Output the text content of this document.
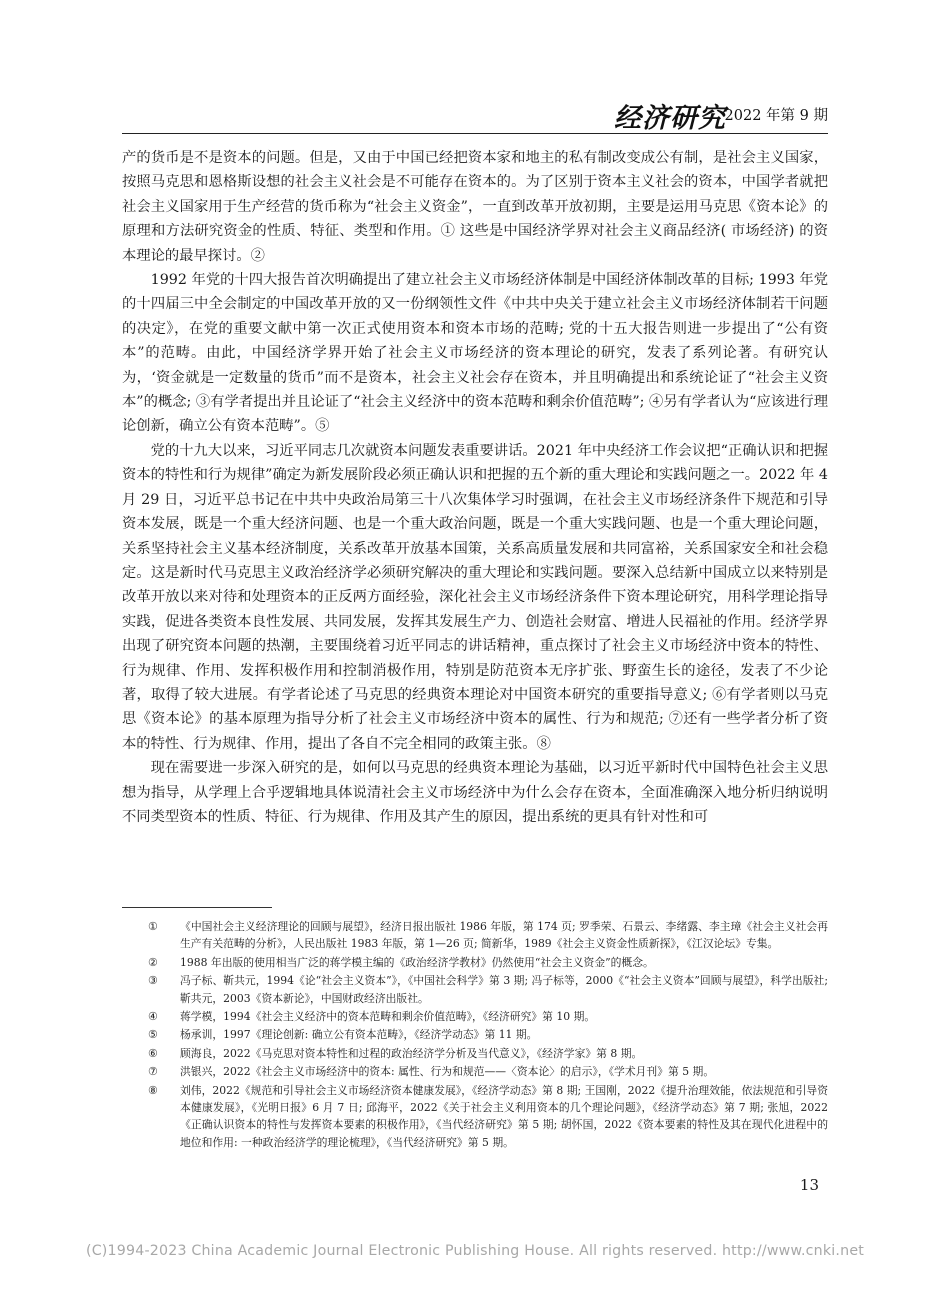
经济研究
2022 年第 9 期

产的货币是不是资本的问题。但是，又由于中国已经把资本家和地主的私有制改变成公有制，是社会主义国家，按照马克思和恩格斯设想的社会主义社会是不可能存在资本的。为了区别于资本主义社会的资本，中国学者就把社会主义国家用于生产经营的货币称为“社会主义资金”，一直到改革开放初期，主要是运用马克思《资本论》的原理和方法研究资金的性质、特征、类型和作用。① 这些是中国经济学界对社会主义商品经济( 市场经济) 的资本理论的最早探讨。②

1992 年党的十四大报告首次明确提出了建立社会主义市场经济体制是中国经济体制改革的目标; 1993 年党的十四届三中全会制定的中国改革开放的又一份纲领性文件《中共中央关于建立社会主义市场经济体制若干问题的决定》，在党的重要文献中第一次正式使用资本和资本市场的范畴; 党的十五大报告则进一步提出了“公有资本”的范畴。由此，中国经济学界开始了社会主义市场经济的资本理论的研究，发表了系列论著。有研究认为，‘资金就是一定数量的货币”而不是资本，社会主义社会存在资本，并且明确提出和系统论证了“社会主义资本”的概念; ③有学者提出并且论证了“社会主义经济中的资本范畴和剩余价值范畴”; ④另有学者认为“应该进行理论创新，确立公有资本范畴”。⑤

党的十九大以来，习近平同志几次就资本问题发表重要讲话。2021 年中央经济工作会议把“正确认识和把握资本的特性和行为规律”确定为新发展阶段必须正确认识和把握的五个新的重大理论和实践问题之一。2022 年 4 月 29 日，习近平总书记在中共中央政治局第三十八次集体学习时强调，在社会主义市场经济条件下规范和引导资本发展，既是一个重大经济问题、也是一个重大政治问题，既是一个重大实践问题、也是一个重大理论问题，关系坚持社会主义基本经济制度，关系改革开放基本国策，关系高质量发展和共同富裕，关系国家安全和社会稳定。这是新时代马克思主义政治经济学必须研究解决的重大理论和实践问题。要深入总结新中国成立以来特别是改革开放以来对待和处理资本的正反两方面经验，深化社会主义市场经济条件下资本理论研究，用科学理论指导实践，促进各类资本良性发展、共同发展，发挥其发展生产力、创造社会财富、增进人民福祉的作用。经济学界出现了研究资本问题的热潮，主要围绕着习近平同志的讲话精神，重点探讨了社会主义市场经济中资本的特性、行为规律、作用、发挥积极作用和控制消极作用，特别是防范资本无序扩张、野蛮生长的途径，发表了不少论著，取得了较大进展。有学者论述了马克思的经典资本理论对中国资本研究的重要指导意义; ⑥有学者则以马克思《资本论》的基本原理为指导分析了社会主义市场经济中资本的属性、行为和规范; ⑦还有一些学者分析了资本的特性、行为规律、作用，提出了各自不完全相同的政策主张。⑧

现在需要进一步深入研究的是，如何以马克思的经典资本理论为基础，以习近平新时代中国特色社会主义思想为指导，从学理上合乎逻辑地具体说清社会主义市场经济中为什么会存在资本，全面准确深入地分析归纳说明不同类型资本的性质、特征、行为规律、作用及其产生的原因，提出系统的更具有针对性和可

① 《中国社会主义经济理论的回顾与展望》，经济日报出版社 1986 年版，第 174 页; 罗季荣、石景云、李绪露、李主璋《社会主义社会再生产有关范畴的分析》，人民出版社 1983 年版，第 1—26 页; 简新华，1989《社会主义资金性质新探》，《江汉论坛》专集。
② 1988 年出版的使用相当广泛的蒋学模主编的《政治经济学教材》仍然使用“社会主义资金”的概念。
③ 冯子标、靳共元，1994《论“社会主义资本”》，《中国社会科学》第 3 期; 冯子标等，2000《“社会主义资本”回顾与展望》，科学出版社; 靳共元，2003《资本新论》，中国财政经济出版社。
④ 蒋学模，1994《社会主义经济中的资本范畴和剩余价值范畴》，《经济研究》第 10 期。
⑤ 杨承训，1997《理论创新: 确立公有资本范畴》，《经济学动态》第 11 期。
⑥ 顾海良，2022《马克思对资本特性和过程的政治经济学分析及当代意义》，《经济学家》第 8 期。
⑦ 洪银兴，2022《社会主义市场经济中的资本: 属性、行为和规范——〈资本论〉的启示》，《学术月刊》第 5 期。
⑧ 刘伟，2022《规范和引导社会主义市场经济资本健康发展》，《经济学动态》第 8 期; 王国刚，2022《提升治理效能，依法规范和引导资本健康发展》，《光明日报》6 月 7 日; 邱海平，2022《关于社会主义利用资本的几个理论问题》，《经济学动态》第 7 期; 张旭，2022《正确认识资本的特性与发挥资本要素的积极作用》，《当代经济研究》第 5 期; 胡怀国，2022《资本要素的特性及其在现代化进程中的地位和作用: 一种政治经济学的理论梳理》，《当代经济研究》第 5 期。
13
(C)1994-2023 China Academic Journal Electronic Publishing House. All rights reserved. http://www.cnki.net
